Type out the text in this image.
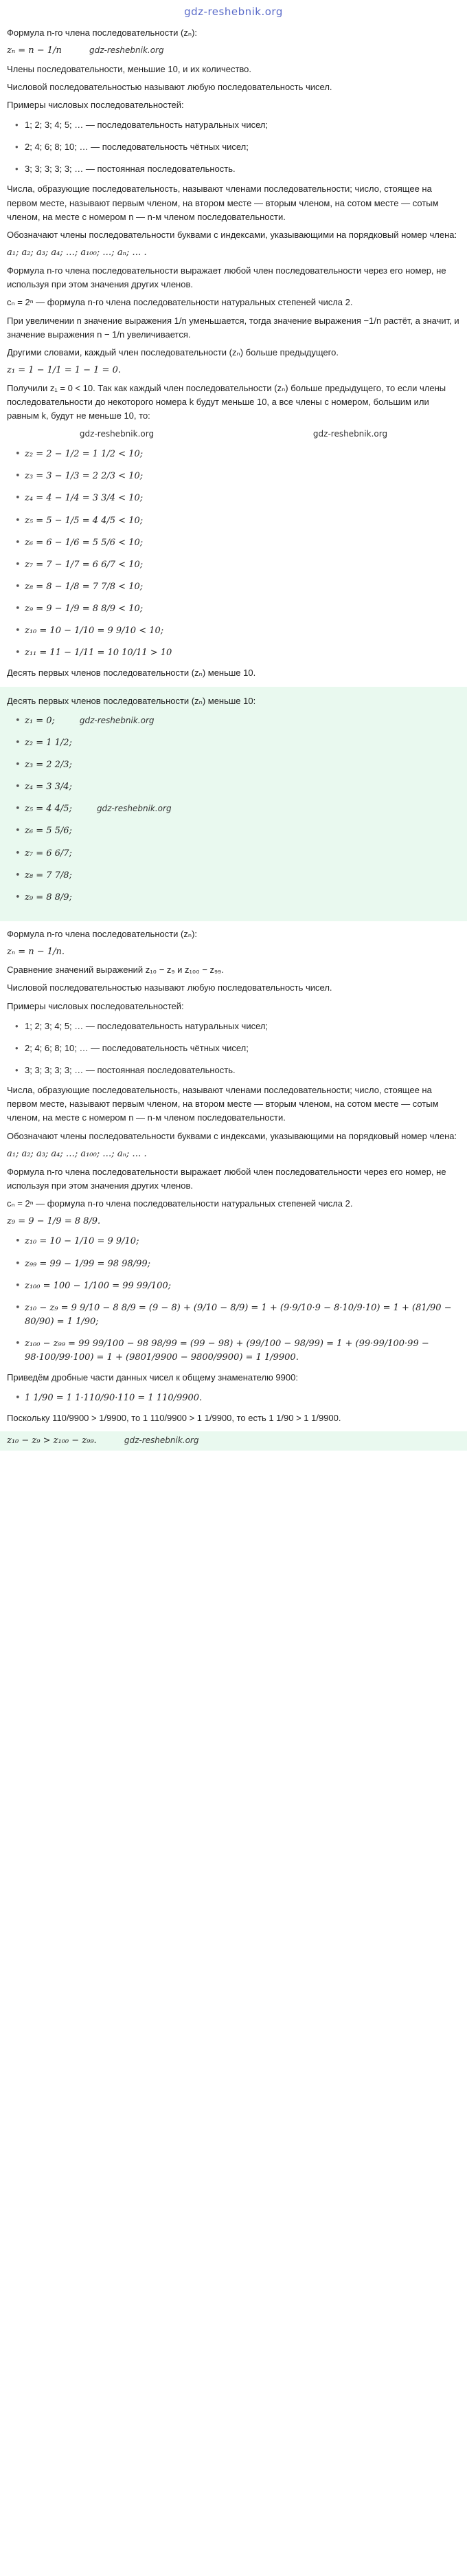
gdz-reshebnik.org
Формула n-го члена последовательности (zₙ):
zₙ = n − 1/n	gdz-reshebnik.org
Члены последовательности, меньшие 10, и их количество.
Числовой последовательностью называют любую последовательность чисел.
Примеры числовых последовательностей:
• 1; 2; 3; 4; 5; … — последовательность натуральных чисел;
• 2; 4; 6; 8; 10; … — последовательность чётных чисел;
• 3; 3; 3; 3; 3; … — постоянная последовательность.
Числа, образующие последовательность, называют членами последовательности; число, стоящее на первом месте, называют первым членом, на втором месте — вторым членом, на сотом месте — сотым членом, на месте с номером n — n-м членом последовательности.
Обозначают члены последовательности буквами с индексами, указывающими на порядковый номер члена:
a₁; a₂; a₃; a₄; …; a₁₀₀; …; aₙ; … .
Формула n-го члена последовательности выражает любой член последовательности через его номер, не используя при этом значения других членов.
cₙ = 2ⁿ — формула n-го члена последовательности натуральных степеней числа 2.
При увеличении n значение выражения 1/n уменьшается, тогда значение выражения −1/n растёт, а значит, и значение выражения n − 1/n увеличивается.
Другими словами, каждый член последовательности (zₙ) больше предыдущего.
z₁ = 1 − 1/1 = 1 − 1 = 0.
Получили z₁ = 0 < 10. Так как каждый член последовательности (zₙ) больше предыдущего, то если члены последовательности до некоторого номера k будут меньше 10, а все члены с номером, большим или равным k, будут не меньше 10, то:
gdz-reshebnik.org	gdz-reshebnik.org
• z₂ = 2 − 1/2 = 1 1/2 < 10;
• z₃ = 3 − 1/3 = 2 2/3 < 10;
• z₄ = 4 − 1/4 = 3 3/4 < 10;
• z₅ = 5 − 1/5 = 4 4/5 < 10;
• z₆ = 6 − 1/6 = 5 5/6 < 10;
• z₇ = 7 − 1/7 = 6 6/7 < 10;
• z₈ = 8 − 1/8 = 7 7/8 < 10;
• z₉ = 9 − 1/9 = 8 8/9 < 10;
• z₁₀ = 10 − 1/10 = 9 9/10 < 10;
• z₁₁ = 11 − 1/11 = 10 10/11 > 10
Десять первых членов последовательности (zₙ) меньше 10.
Десять первых членов последовательности (zₙ) меньше 10:
• z₁ = 0;	gdz-reshebnik.org
• z₂ = 1 1/2;
• z₃ = 2 2/3;
• z₄ = 3 3/4;
• z₅ = 4 4/5;	gdz-reshebnik.org
• z₆ = 5 5/6;
• z₇ = 6 6/7;
• z₈ = 7 7/8;
• z₉ = 8 8/9;
Формула n-го члена последовательности (zₙ):
zₙ = n − 1/n.
Сравнение значений выражений z₁₀ − z₉ и z₁₀₀ − z₉₉.
Числовой последовательностью называют любую последовательность чисел.
Примеры числовых последовательностей:
• 1; 2; 3; 4; 5; … — последовательность натуральных чисел;
• 2; 4; 6; 8; 10; … — последовательность чётных чисел;
• 3; 3; 3; 3; 3; … — постоянная последовательность.
Числа, образующие последовательность, называют членами последовательности; число, стоящее на первом месте, называют первым членом, на втором месте — вторым членом, на сотом месте — сотым членом, на месте с номером n — n-м членом последовательности.
Обозначают члены последовательности буквами с индексами, указывающими на порядковый номер члена:
a₁; a₂; a₃; a₄; …; a₁₀₀; …; aₙ; … .
Формула n-го члена последовательности выражает любой член последовательности через его номер, не используя при этом значения других членов.
cₙ = 2ⁿ — формула n-го члена последовательности натуральных степеней числа 2.
z₉ = 9 − 1/9 = 8 8/9.
• z₁₀ = 10 − 1/10 = 9 9/10;
• z₉₉ = 99 − 1/99 = 98 98/99;
• z₁₀₀ = 100 − 1/100 = 99 99/100;
• z₁₀ − z₉ = 9 9/10 − 8 8/9 = (9 − 8) + (9/10 − 8/9) = 1 + (9·9/10·9 − 8·10/9·10) = 1 + (81/90 − 80/90) = 1 1/90;
• z₁₀₀ − z₉₉ = 99 99/100 − 98 98/99 = (99 − 98) + (99/100 − 98/99) = 1 + (99·99/100·99 − 98·100/99·100) = 1 + (9801/9900 − 9800/9900) = 1 1/9900.
Приведём дробные части данных чисел к общему знаменателю 9900:
• 1 1/90 = 1 1·110/90·110 = 1 110/9900.
Поскольку 110/9900 > 1/9900, то 1 110/9900 > 1 1/9900, то есть 1 1/90 > 1 1/9900.
z₁₀ − z₉ > z₁₀₀ − z₉₉.	gdz-reshebnik.org
